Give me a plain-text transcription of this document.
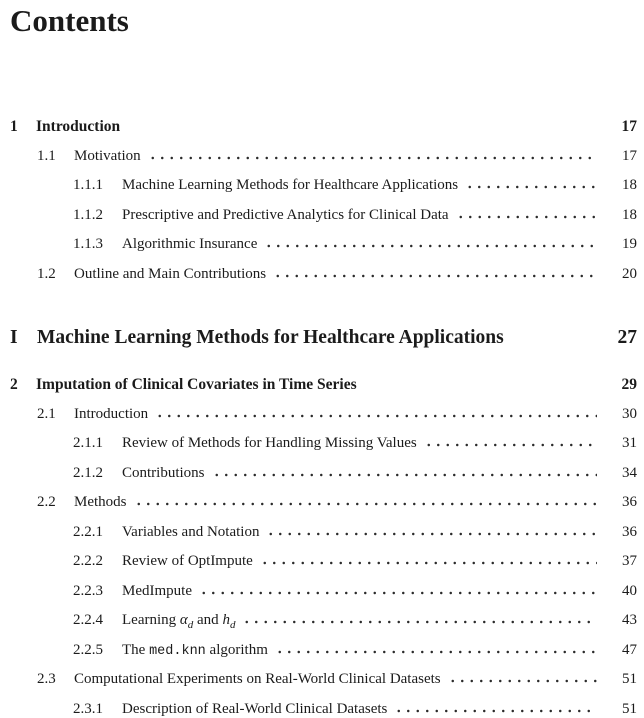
Contents
1	Introduction	17
1.1	Motivation	17
1.1.1	Machine Learning Methods for Healthcare Applications	18
1.1.2	Prescriptive and Predictive Analytics for Clinical Data	18
1.1.3	Algorithmic Insurance	19
1.2	Outline and Main Contributions	20
I Machine Learning Methods for Healthcare Applications	27
2	Imputation of Clinical Covariates in Time Series	29
2.1	Introduction	30
2.1.1	Review of Methods for Handling Missing Values	31
2.1.2	Contributions	34
2.2	Methods	36
2.2.1	Variables and Notation	36
2.2.2	Review of OptImpute	37
2.2.3	MedImpute	40
2.2.4	Learning $\alpha_d$ and $h_d$	43
2.2.5	The med.knn algorithm	47
2.3	Computational Experiments on Real-World Clinical Datasets	51
2.3.1	Description of Real-World Clinical Datasets	51
